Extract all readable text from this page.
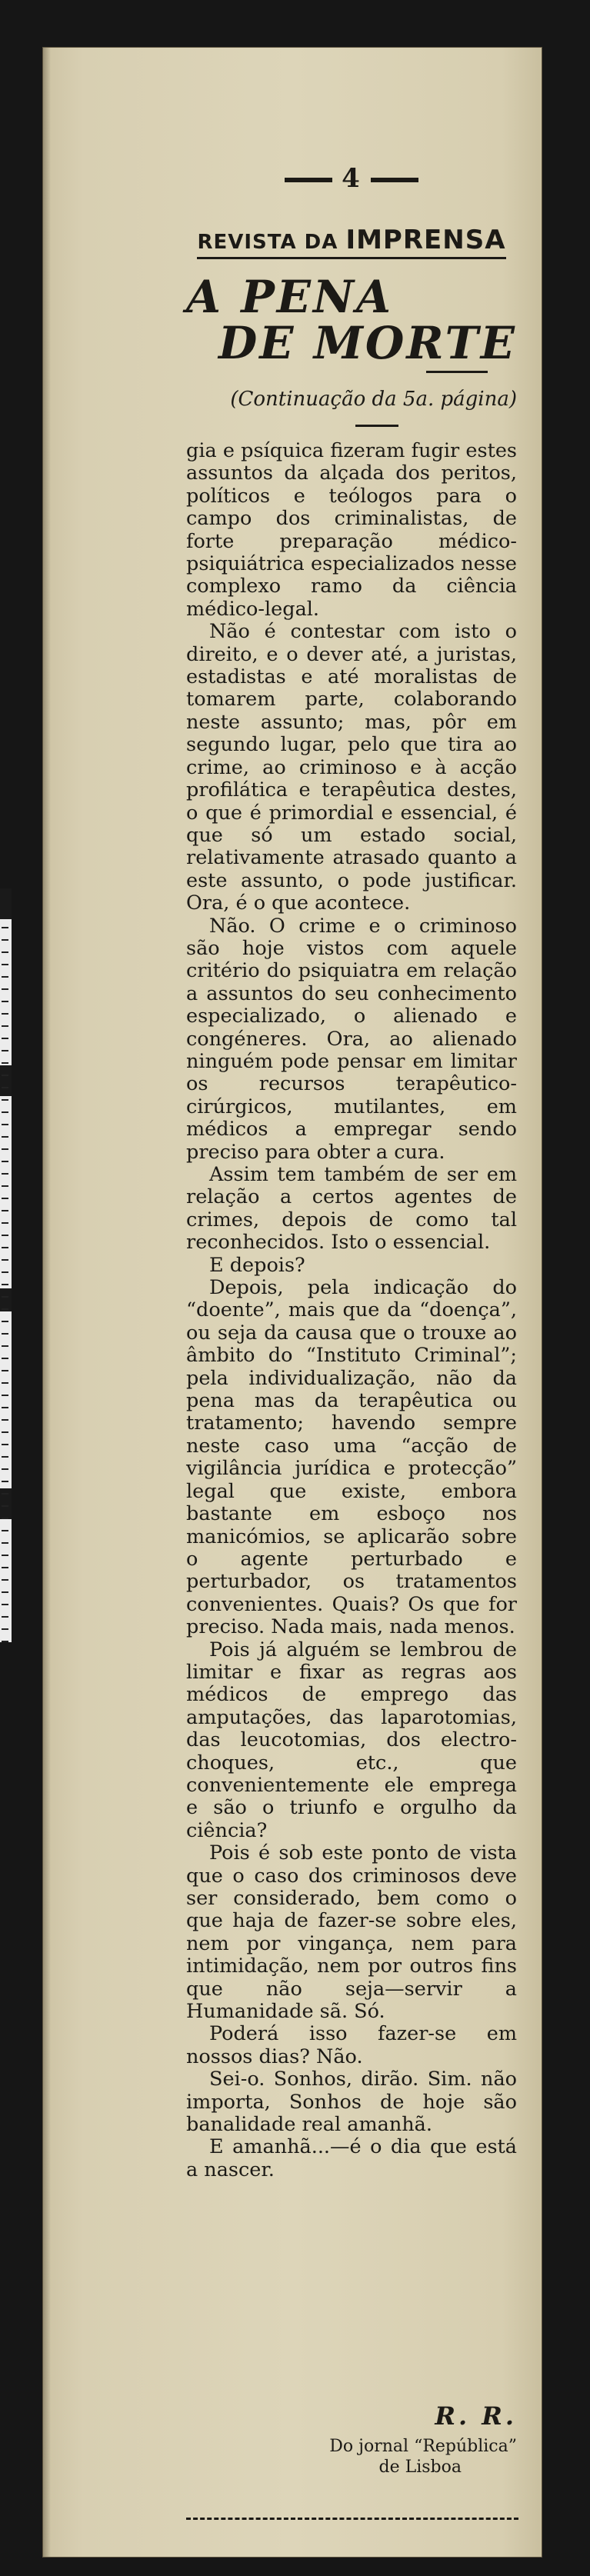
4
REVISTA DA IMPRENSA
A PENA
DE MORTE
(Continuação da 5a. página)

gia e psíquica fizeram fugir estes assuntos da alçada dos peritos, políticos e teólogos para o campo dos criminalistas, de forte preparação médico-psiquiátrica especializados nesse complexo ramo da ciência médico-legal.

Não é contestar com isto o direito, e o dever até, a juristas, estadistas e até moralistas de tomarem parte, colaborando neste assunto; mas, pôr em segundo lugar, pelo que tira ao crime, ao criminoso e à acção profilática e terapêutica destes, o que é primordial e essencial, é que só um estado social, relativamente atrasado quanto a este assunto, o pode justificar. Ora, é o que acontece.

Não. O crime e o criminoso são hoje vistos com aquele critério do psiquiatra em relação a assuntos do seu conhecimento especializado, o alienado e congéneres. Ora, ao alienado ninguém pode pensar em limitar os recursos terapêutico-cirúrgicos, mutilantes, em médicos a empregar sendo preciso para obter a cura.

Assim tem também de ser em relação a certos agentes de crimes, depois de como tal reconhecidos. Isto o essencial.

E depois?

Depois, pela indicação do “doente”, mais que da “doença”, ou seja da causa que o trouxe ao âmbito do “Instituto Criminal”; pela individualização, não da pena mas da terapêutica ou tratamento; havendo sempre neste caso uma “acção de vigilância jurídica e protecção” legal que existe, embora bastante em esboço nos manicómios, se aplicarão sobre o agente perturbado e perturbador, os tratamentos convenientes. Quais? Os que for preciso. Nada mais, nada menos.

Pois já alguém se lembrou de limitar e fixar as regras aos médicos de emprego das amputações, das laparotomias, das leucotomias, dos electro-choques, etc., que convenientemente ele emprega e são o triunfo e orgulho da ciência?

Pois é sob este ponto de vista que o caso dos criminosos deve ser considerado, bem como o que haja de fazer-se sobre eles, nem por vingança, nem para intimidação, nem por outros fins que não seja—servir a Humanidade sã. Só.

Poderá isso fazer-se em nossos dias? Não.

Sei-o. Sonhos, dirão. Sim. não importa, Sonhos de hoje são banalidade real amanhã.

E amanhã...—é o dia que está a nascer.

R. R.
Do jornal “República”
de Lisboa
